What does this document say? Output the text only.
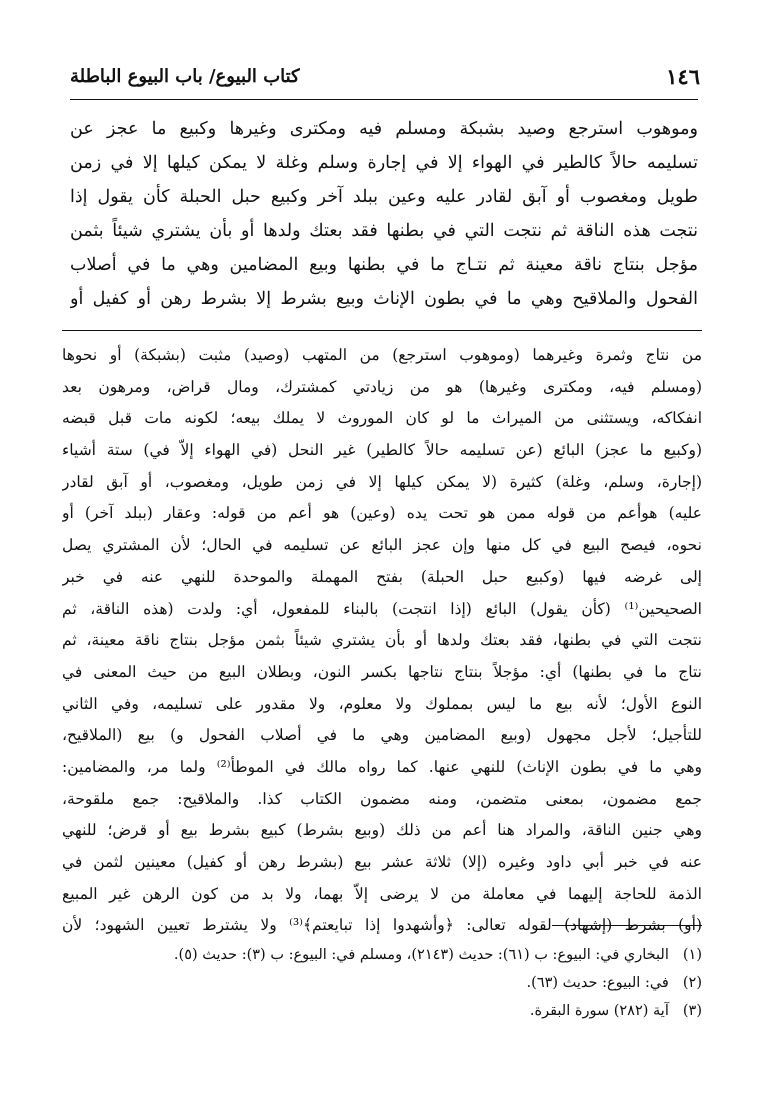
١٤٦
كتاب البيوع/ باب البيوع الباطلة
وموهوب استرجع وصيد بشبكة ومسلم فيه ومكترى وغيرها وكبيع ما عجز عن
تسليمه حالاً كالطير في الهواء إلا في إجارة وسلم وغلة لا يمكن كيلها إلا في زمن
طويل ومغصوب أو آبق لقادر عليه وعين ببلد آخر وكبيع حبل الحبلة كأن يقول إذا
نتجت هذه الناقة ثم نتجت التي في بطنها فقد بعتك ولدها أو بأن يشتري شيئاً بثمن
مؤجل بنتاج ناقة معينة ثم نتـاج ما في بطنها وبيع المضامين وهي ما في أصلاب
الفحول والملاقيح وهي ما في بطون الإناث وبيع بشرط إلا بشرط رهن أو كفيل أو
من نتاج وثمرة وغيرهما (وموهوب استرجع) من المتهب (وصيد) مثبت (بشبكة) أو نحوها
(ومسلم فيه، ومكترى وغيرها) هو من زيادتي كمشترك، ومال قراض، ومرهون بعد
انفكاكه، ويستثنى من الميراث ما لو كان الموروث لا يملك بيعه؛ لكونه مات قبل قبضه
(وكبيع ما عجز) البائع (عن تسليمه حالاً كالطير) غير النحل (في الهواء إلاّ في) ستة أشياء
(إجارة، وسلم، وغلة) كثيرة (لا يمكن كيلها إلا في زمن طويل، ومغصوب، أو آبق لقادر
عليه) هوأعم من قوله ممن هو تحت يده (وعين) هو أعم من قوله: وعقار (ببلد آخر) أو
نحوه، فيصح البيع في كل منها وإن عجز البائع عن تسليمه في الحال؛ لأن المشتري يصل
إلى غرضه فيها (وكبيع حبل الحبلة) بفتح المهملة والموحدة للنهي عنه في خبر
الصحيحين⁽¹⁾ (كأن يقول) البائع (إذا انتجت) بالبناء للمفعول، أي: ولدت (هذه الناقة، ثم
نتجت التي في بطنها، فقد بعتك ولدها أو بأن يشتري شيئاً بثمن مؤجل بنتاج ناقة معينة، ثم
نتاج ما في بطنها) أي: مؤجلاً بنتاج نتاجها بكسر النون، وبطلان البيع من حيث المعنى في
النوع الأول؛ لأنه بيع ما ليس بمملوك ولا معلوم، ولا مقدور على تسليمه، وفي الثاني
للتأجيل؛ لأجل مجهول (وبيع المضامين وهي ما في أصلاب الفحول و) بيع (الملاقيح،
وهي ما في بطون الإناث) للنهي عنها. كما رواه مالك في الموطأ⁽²⁾ ولما مر، والمضامين:
جمع مضمون، بمعنى متضمن، ومنه مضمون الكتاب كذا. والملاقيح: جمع ملقوحة،
وهي جنين الناقة، والمراد هنا أعم من ذلك (وبيع بشرط) كبيع بشرط بيع أو قرض؛ للنهي
عنه في خبر أبي داود وغيره (إلا) ثلاثة عشر بيع (بشرط رهن أو كفيل) معينين لثمن في
الذمة للحاجة إليهما في معاملة من لا يرضى إلاّ بهما، ولا بد من كون الرهن غير المبيع
(أو) بشرط (إشهاد) لقوله تعالى: ﴿وأشهدوا إذا تبايعتم﴾⁽³⁾ ولا يشترط تعيين الشهود؛ لأن
(١)البخاري في: البيوع: ب (٦١): حديث (٢١٤٣)، ومسلم في: البيوع: ب (٣): حديث (٥).
(٢)في: البيوع: حديث (٦٣).
(٣)آية (٢٨٢) سورة البقرة.
